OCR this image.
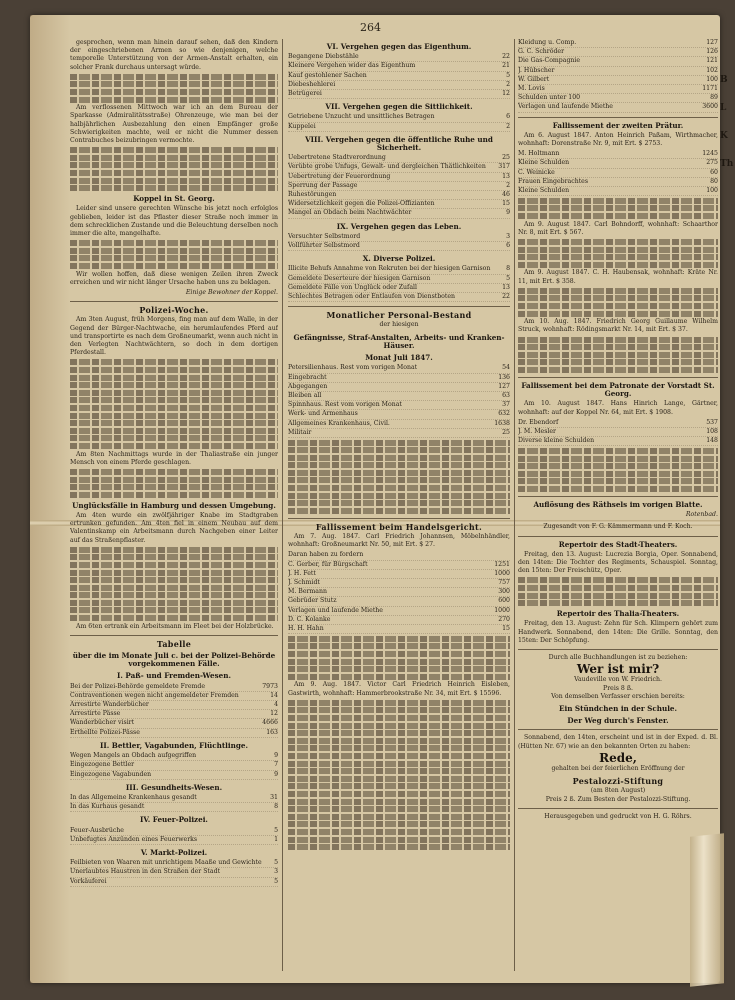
264

gesprochen, wenn man hinein darauf sehen, daß den Kindern der eingeschriebenen Armen so wie denjenigen, welche temporelle Unterstützung von der Armen-Anstalt erhalten, ein solcher Frank durchaus untersagt würde.

Am verflossenen Mittwoch war ich an dem Bureau der Sparkasse (Admiralitätsstraße) Ohrenzeuge, wie man bei der halbjährlichen Ausbezahlung den einen Empfänger große Schwierigkeiten machte, weil er nicht die Nummer dessen Contrabuches beizubringen vermochte.

Koppel in St. Georg.

Leider sind unsere gerechten Wünsche bis jetzt noch erfolglos geblieben, leider ist das Pflaster dieser Straße noch immer in dem schrecklichen Zustande und die Beleuchtung derselben noch immer die alte, mangelhafte.

Wir wollen hoffen, daß diese wenigen Zeilen ihren Zweck erreichen und wir nicht länger Ursache haben uns zu beklagen.

Einige Bewohner der Koppel.
Polizei-Woche.

Am 3ten August, früh Morgens, fing man auf dem Walle, in der Gegend der Bürger-Nachtwache, ein herumlaufendes Pferd auf und transportirte es nach dem Großneumarkt, wenn auch nicht in den Verlegten Nachtwächtern, so doch in dem dortigen Pferdestall.

Am 8ten Nachmittags wurde in der Thaliastraße ein junger Mensch von einem Pferde geschlagen.

Unglücksfälle in Hamburg und dessen Umgebung.

Am 4ten wurde ein zwölfjähriger Knabe im Stadtgraben ertrunken gefunden. Am 4ten fiel in einem Neubau auf dem Valentinskamp ein Arbeitsmann durch Nachgeben einer Leiter auf das Straßenpflaster.

Am 6ten ertrank ein Arbeitsmann im Fleet bei der Holzbrücke.

Tabelle
über die im Monate Juli c. bei der Polizei-Behörde vorgekommenen Fälle.
I. Paß- und Fremden-Wesen.
Bei der Polizei-Behörde gemeldete Fremde	7973
Contraventionen wegen nicht angemeldeter Fremden	14
Arrestirte Wanderbücher	4
Arrestirte Pässe	12
Wanderbücher visirt	4666
Erthellte Polizei-Pässe	163
II. Bettler, Vagabunden, Flüchtlinge.
Wegen Mangels an Obdach aufgegriffen	9
Eingezogene Bettler	7
Eingezogene Vagabunden	9
III. Gesundheits-Wesen.
In das Allgemeine Krankenhaus gesandt	31
In das Kurhaus gesandt	8
IV. Feuer-Polizei.
Feuer-Ausbrüche	5
Unbefugtes Anzünden eines Feuerwerks	1
V. Markt-Polizei.
Feilbieten von Waaren mit unrichtigem Maaße und Gewichte	5
Unerlaubtes Haustren in den Straßen der Stadt	3
Vorkäuferei	5
VI. Vergehen gegen das Eigenthum.
Begangene Diebstähle	22
Kleinere Vergehen wider das Eigenthum	21
Kauf gestohlener Sachen	5
Diebeshehlerei	2
Betrügerei	12
VII. Vergehen gegen die Sittlichkeit.
Getriebene Unzucht und unsittliches Betragen	6
Kuppelei	2
VIII. Vergehen gegen die öffentliche Ruhe und Sicherheit.
Uebertretene Stadtverordnung	25
Verübte grobe Unfugs, Gewalt- und dergleichen Thätlichkeiten	317
Uebertretung der Feuerordnung	13
Sperrung der Passage	2
Ruhestörungen	46
Widersetzlichkeit gegen die Polizei-Offizianten	15
Mangel an Obdach beim Nachtwächter	9
IX. Vergehen gegen das Leben.
Versuchter Selbstmord	3
Vollführter Selbstmord	6
X. Diverse Polizei.
Illicite Behufs Annahme von Rekruten bei der hiesigen Garnison	8
Gemeldete Deserteure der hiesigen Garnison	5
Gemeldete Fälle von Unglück oder Zufall	13
Schlechtes Betragen oder Entlaufen von Dienstboten	22
Monatlicher Personal-Bestand
der hiesigen
Gefängnisse, Straf-Anstalten, Arbeits- und Kranken-Häuser.
Monat Juli 1847.
Petersilienhaus. Rest vom vorigen Monat	54
Eingebracht	136
Abgegangen	127
Bleiben all	63
Spinnhaus. Rest vom vorigen Monat	37
Werk- und Armenhaus	632
Allgemeines Krankenhaus, Civil.	1638
Militair	25
Fallissement beim Handelsgericht.

Am 7. Aug. 1847. Carl Friedrich Johannsen, Möbelnhändler, wohnhaft: Großneumarkt Nr. 50, mit Ert. $ 27.

Daran haben zu fordern
C. Gerber, für Bürgschaft	1251
J. H. Fett	1000
J. Schmidt	757
M. Bermann	300
Gebrüder Stutz	600
Verlagen und laufende Miethe	1000
D. C. Kolanke	270
H. H. Hahn	15

Am 9. Aug. 1847. Victor Carl Friedrich Heinrich Eisleben, Gastwirth, wohnhaft: Hammerbrookstraße Nr. 34, mit Ert. $ 15596.

Kleidung u. Comp.	127
G. C. Schröder	126
Die Gas-Compagnie	121
J. Hübscher	102
W. Gilbert	100
M. Lovis	1171
Schulden unter 100	89
Verlagen und laufende Miethe	3600
Fallissement der zweiten Prätur.

Am 6. August 1847. Anton Heinrich Paßam, Wirthmacher, wohnhaft: Dorenstraße Nr. 9, mit Ert. $ 2753.

M. Holtmann	1245
Kleine Schulden	275
C. Weinicke	60
Frauen Eingebrachtes	80
Kleine Schulden	100

Am 9. August 1847. Carl Bohndorff, wohnhaft: Schaarthor Nr. 8, mit Ert. $ 567.

Am 9. August 1847. C. H. Haubensak, wohnhaft: Kräte Nr. 11, mit Ert. $ 358.

Am 10. Aug. 1847. Friedrich Georg Guillaume Wilhelm Struck, wohnhaft: Rödingsmarkt Nr. 14, mit Ert. $ 37.

Fallissement bei dem Patronate der Vorstadt St. Georg.

Am 10. August 1847. Hans Hinrich Lange, Gärtner, wohnhaft: auf der Koppel Nr. 64, mit Ert. $ 1908.

Dr. Ebendorf	537
J. M. Mesler	108
Diverse kleine Schulden	148
Auflösung des Räthsels im vorigen Blatte.
Rotenbad.
Zugesandt von F. G. Kämmermann und F. Koch.
Repertoir des Stadt-Theaters.

Freitag, den 13. August: Lucrezia Borgia, Oper. Sonnabend, den 14ten: Die Tochter des Regiments, Schauspiel. Sonntag, den 15ten: Der Freischütz, Oper.

Repertoir des Thalia-Theaters.

Freitag, den 13. August: Zehn für Sch. Klimpern gehört zum Handwerk. Sonnabend, den 14ten: Die Grille. Sonntag, den 15ten: Der Schöpfung.

Durch alle Buchhandlungen ist zu beziehen:
Wer ist mir?
Vaudeville von W. Friedrich.
Preis 8 ß.
Von demselben Verfasser erschien bereits:
Ein Stündchen in der Schule.
Der Weg durch's Fenster.

Sonnabend, den 14ten, erscheint und ist in der Exped. d. Bl. (Hütten Nr. 67) wie an den bekannten Orten zu haben:

Rede,
gehalten bei der feierlichen Eröffnung der
Pestalozzi-Stiftung
(am 8ten August)
Preis 2 ß. Zum Besten der Pestalozzi-Stiftung.
Herausgegeben und gedruckt von H. G. Röhrs.
B
L
K
Th
